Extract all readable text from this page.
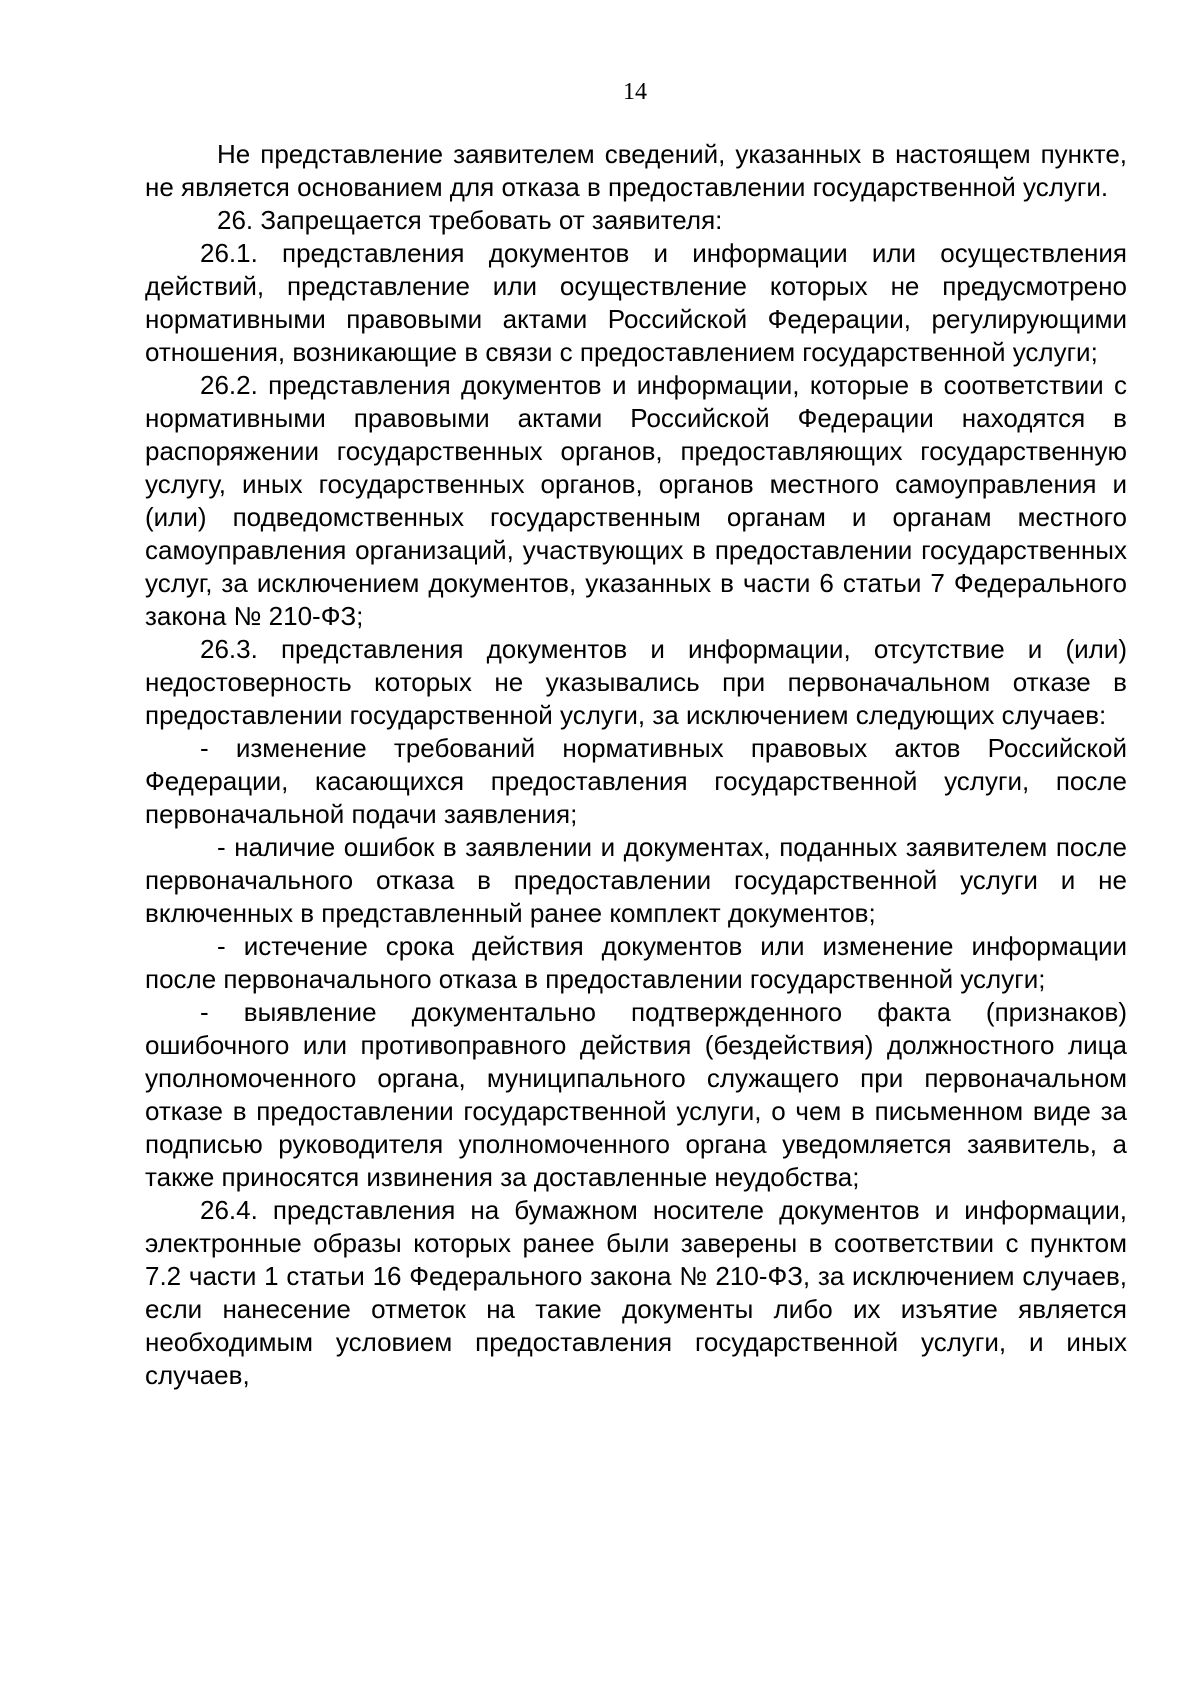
14

Не представление заявителем сведений, указанных в настоящем пункте, не является основанием для отказа в предоставлении государственной услуги.

26. Запрещается требовать от заявителя:

26.1. представления документов и информации или осуществления действий, представление или осуществление которых не предусмотрено нормативными правовыми актами Российской Федерации, регулирующими отношения, возникающие в связи с предоставлением государственной услуги;

26.2. представления документов и информации, которые в соответствии с нормативными правовыми актами Российской Федерации находятся в распоряжении государственных органов, предоставляющих государственную услугу, иных государственных органов, органов местного самоуправления и (или) подведомственных государственным органам и органам местного самоуправления организаций, участвующих в предоставлении государственных услуг, за исключением документов, указанных в части 6 статьи 7 Федерального закона № 210-ФЗ;

26.3. представления документов и информации, отсутствие и (или) недостоверность которых не указывались при первоначальном отказе в предоставлении государственной услуги, за исключением следующих случаев:

- изменение требований нормативных правовых актов Российской Федерации, касающихся предоставления государственной услуги, после первоначальной подачи заявления;

- наличие ошибок в заявлении и документах, поданных заявителем после первоначального отказа в предоставлении государственной услуги и не включенных в представленный ранее комплект документов;

- истечение срока действия документов или изменение информации после первоначального отказа в предоставлении государственной услуги;

- выявление документально подтвержденного факта (признаков) ошибочного или противоправного действия (бездействия) должностного лица уполномоченного органа, муниципального служащего при первоначальном отказе в предоставлении государственной услуги, о чем в письменном виде за подписью руководителя уполномоченного органа уведомляется заявитель, а также приносятся извинения за доставленные неудобства;

26.4. представления на бумажном носителе документов и информации, электронные образы которых ранее были заверены в соответствии с пунктом 7.2 части 1 статьи 16 Федерального закона № 210-ФЗ, за исключением случаев, если нанесение отметок на такие документы либо их изъятие является необходимым условием предоставления государственной услуги, и иных случаев,
